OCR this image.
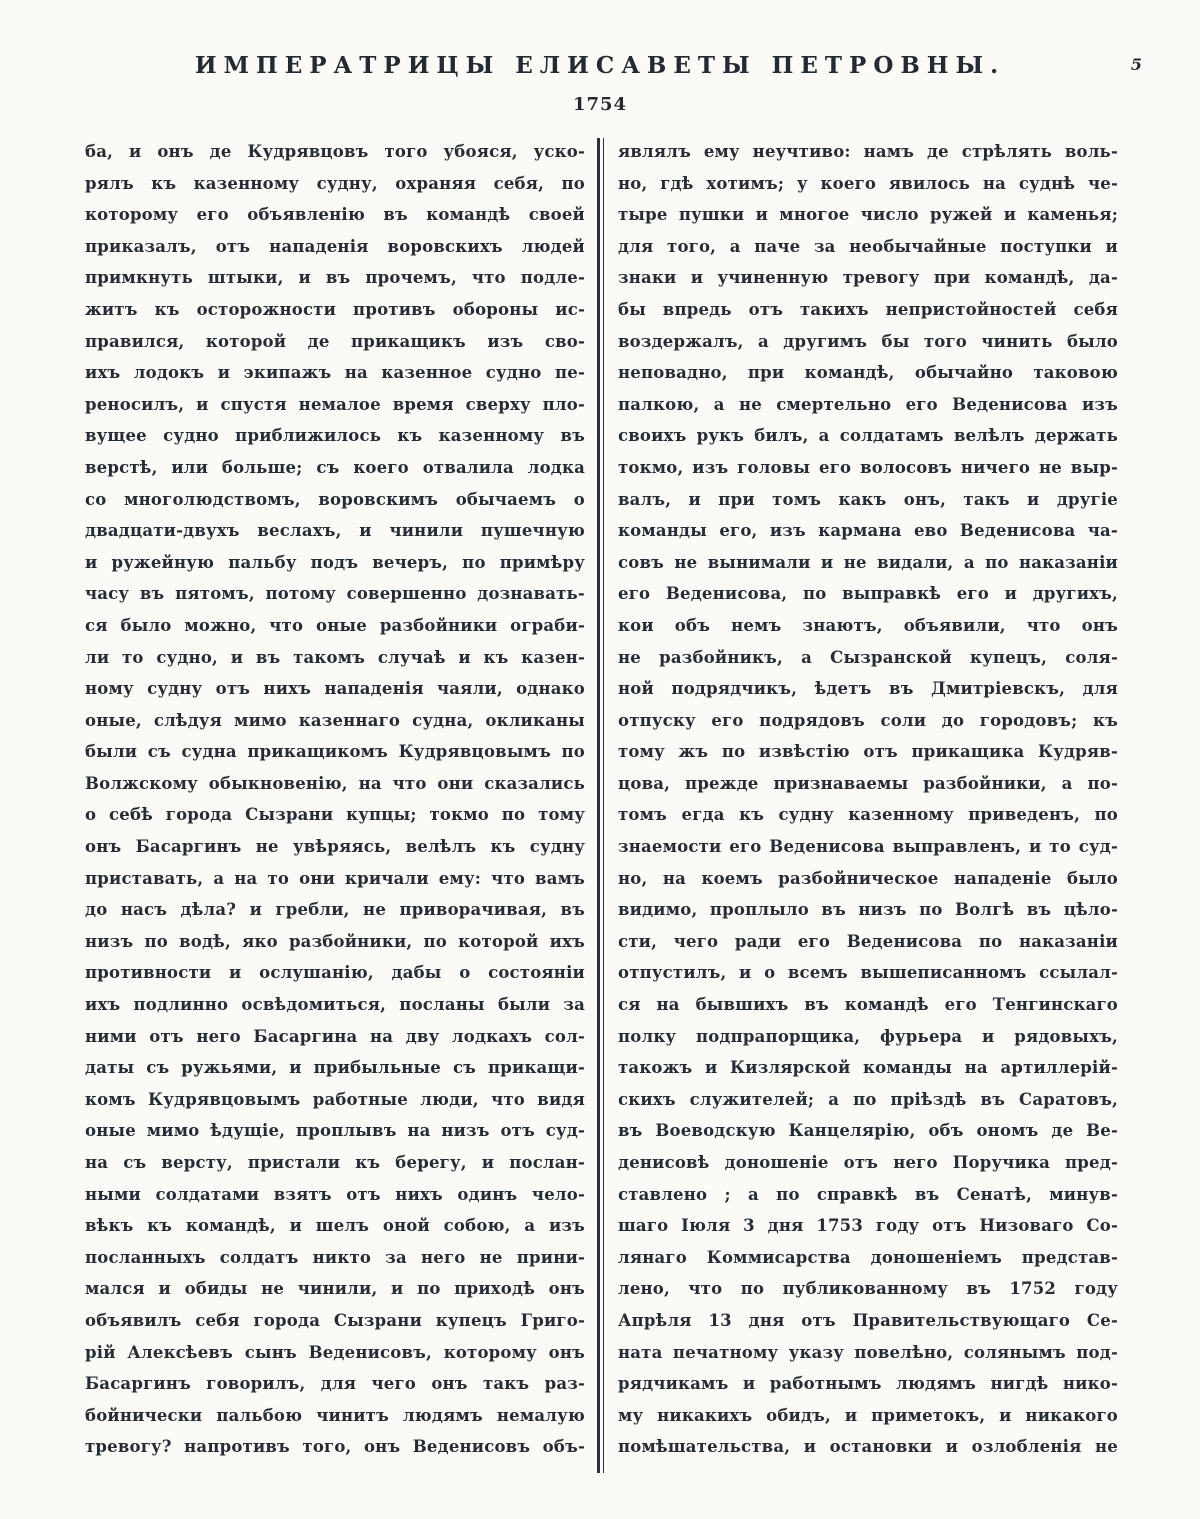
ИМПЕРАТРИЦЫ ЕЛИСАВЕТЫ ПЕТРОВНЫ.	5
1754
ба, и онъ де Кудрявцовъ того убояся, уско-
рялъ къ казенному судну, охраняя себя, по
которому его объявленію въ командѣ своей
приказалъ, отъ нападенія воровскихъ людей
примкнуть штыки, и въ прочемъ, что подле-
житъ къ осторожности противъ обороны ис-
правился, которой де прикащикъ изъ сво-
ихъ лодокъ и экипажъ на казенное судно пе-
реносилъ, и спустя немалое время сверху пло-
вущее судно приближилось къ казенному въ
верстѣ, или больше; съ коего отвалила лодка
со многолюдствомъ, воровскимъ обычаемъ о
двадцати-двухъ веслахъ, и чинили пушечную
и ружейную пальбу подъ вечеръ, по примѣру
часу въ пятомъ, потому совершенно дознавать-
ся было можно, что оные разбойники ограби-
ли то судно, и въ такомъ случаѣ и къ казен-
ному судну отъ нихъ нападенія чаяли, однако
оные, слѣдуя мимо казеннаго судна, окликаны
были съ судна прикащикомъ Кудрявцовымъ по
Волжскому обыкновенію, на что они сказались
о себѣ города Сызрани купцы; токмо по тому
онъ Басаргинъ не увѣряясь, велѣлъ къ судну
приставать, а на то они кричали ему: что вамъ
до насъ дѣла? и гребли, не приворачивая, въ
низъ по водѣ, яко разбойники, по которой ихъ
противности и ослушанію, дабы о состояніи
ихъ подлинно освѣдомиться, посланы были за
ними отъ него Басаргина на дву лодкахъ сол-
даты съ ружьями, и прибыльные съ прикащи-
комъ Кудрявцовымъ работные люди, что видя
оные мимо ѣдущіе, проплывъ на низъ отъ суд-
на съ версту, пристали къ берегу, и послан-
ными солдатами взятъ отъ нихъ одинъ чело-
вѣкъ къ командѣ, и шелъ оной собою, а изъ
посланныхъ солдатъ никто за него не прини-
мался и обиды не чинили, и по приходѣ онъ
объявилъ себя города Сызрани купецъ Григо-
рій Алексѣевъ сынъ Веденисовъ, которому онъ
Басаргинъ говорилъ, для чего онъ такъ раз-
бойнически пальбою чинитъ людямъ немалую
тревогу? напротивъ того, онъ Веденисовъ объ-
являлъ ему неучтиво: намъ де стрѣлять воль-
но, гдѣ хотимъ; у коего явилось на суднѣ че-
тыре пушки и многое число ружей и каменья;
для того, а паче за необычайные поступки и
знаки и учиненную тревогу при командѣ, да-
бы впредь отъ такихъ непристойностей себя
воздержалъ, а другимъ бы того чинить было
неповадно, при командѣ, обычайно таковою
палкою, а не смертельно его Веденисова изъ
своихъ рукъ билъ, а солдатамъ велѣлъ держать
токмо, изъ головы его волосовъ ничего не выр-
валъ, и при томъ какъ онъ, такъ и другіе
команды его, изъ кармана ево Веденисова ча-
совъ не вынимали и не видали, а по наказаніи
его Веденисова, по выправкѣ его и другихъ,
кои объ немъ знаютъ, объявили, что онъ
не разбойникъ, а Сызранской купецъ, соля-
ной подрядчикъ, ѣдетъ въ Дмитріевскъ, для
отпуску его подрядовъ соли до городовъ; къ
тому жъ по извѣстію отъ прикащика Кудряв-
цова, прежде признаваемы разбойники, а по-
томъ егда къ судну казенному приведенъ, по
знаемости его Веденисова выправленъ, и то суд-
но, на коемъ разбойническое нападеніе было
видимо, проплыло въ низъ по Волгѣ въ цѣло-
сти, чего ради его Веденисова по наказаніи
отпустилъ, и о всемъ вышеписанномъ ссылал-
ся на бывшихъ въ командѣ его Тенгинскаго
полку подпрапорщика, фурьера и рядовыхъ,
такожъ и Кизлярской команды на артиллерій-
скихъ служителей; а по пріѣздѣ въ Саратовъ,
въ Воеводскую Канцелярію, объ ономъ де Ве-
денисовѣ доношеніе отъ него Поручика пред-
ставлено ; а по справкѣ въ Сенатѣ, минув-
шаго Іюля 3 дня 1753 году отъ Низоваго Со-
лянаго Коммисарства доношеніемъ представ-
лено, что по публикованному въ 1752 году
Апрѣля 13 дня отъ Правительствующаго Се-
ната печатному указу повелѣно, солянымъ под-
рядчикамъ и работнымъ людямъ нигдѣ нико-
му никакихъ обидъ, и приметокъ, и никакого
помѣшательства, и остановки и озлобленія не
